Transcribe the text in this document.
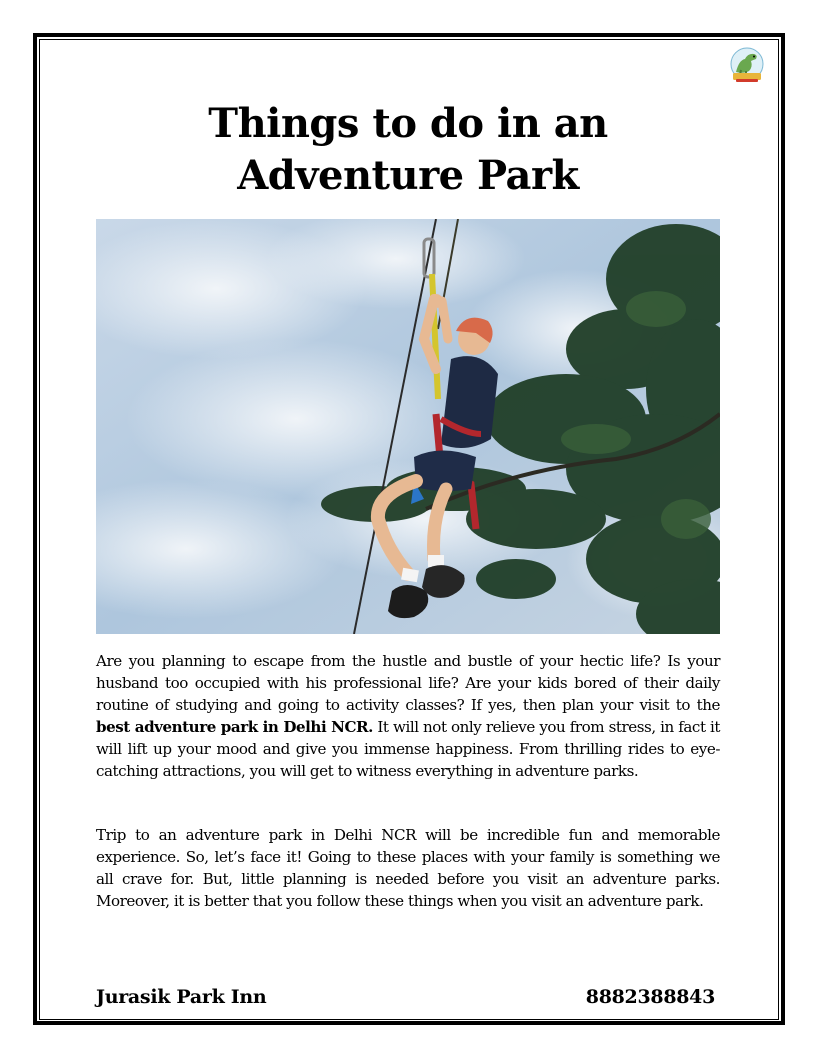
Things to do in an Adventure Park

Are you planning to escape from the hustle and bustle of your hectic life? Is your husband too occupied with his professional life? Are your kids bored of their daily routine of studying and going to activity classes? If yes, then plan your visit to the best adventure park in Delhi NCR. It will not only relieve you from stress, in fact it will lift up your mood and give you immense happiness. From thrilling rides to eye-catching attractions, you will get to witness everything in adventure parks.

Trip to an adventure park in Delhi NCR will be incredible fun and memorable experience. So, let’s face it! Going to these places with your family is something we all crave for. But, little planning is needed before you visit an adventure parks. Moreover, it is better that you follow these things when you visit an adventure park.

Jurasik Park Inn	8882388843
